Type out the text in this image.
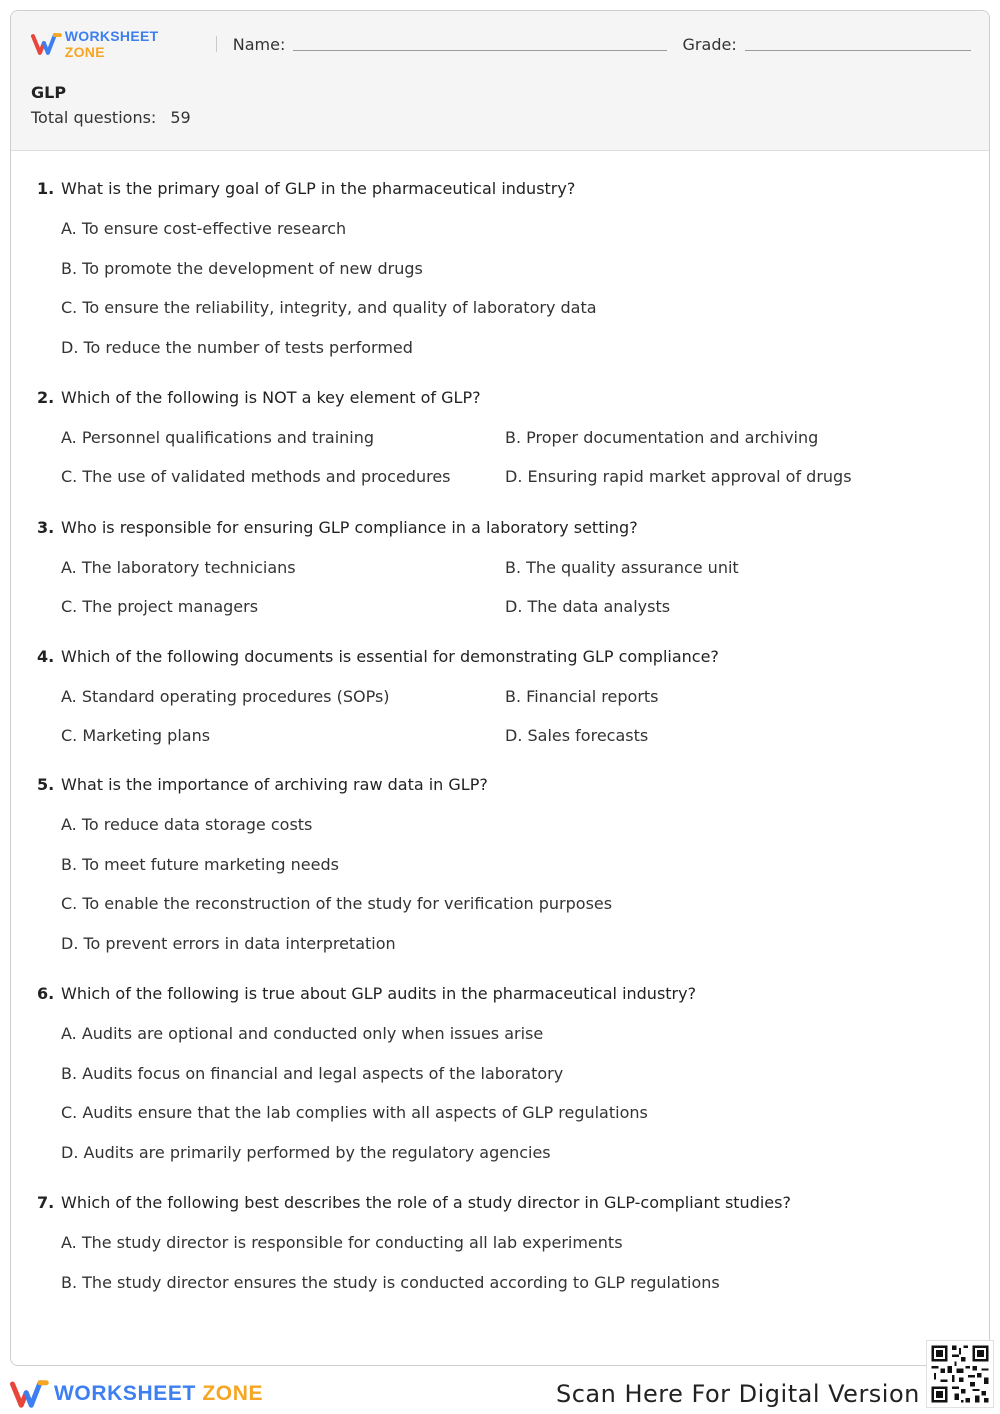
WORKSHEET ZONE	Name:	Grade:
GLP
Total questions: 59
1. What is the primary goal of GLP in the pharmaceutical industry?
A. To ensure cost-effective research
B. To promote the development of new drugs
C. To ensure the reliability, integrity, and quality of laboratory data
D. To reduce the number of tests performed
2. Which of the following is NOT a key element of GLP?
A. Personnel qualifications and training	B. Proper documentation and archiving
C. The use of validated methods and procedures	D. Ensuring rapid market approval of drugs
3. Who is responsible for ensuring GLP compliance in a laboratory setting?
A. The laboratory technicians	B. The quality assurance unit
C. The project managers	D. The data analysts
4. Which of the following documents is essential for demonstrating GLP compliance?
A. Standard operating procedures (SOPs)	B. Financial reports
C. Marketing plans	D. Sales forecasts
5. What is the importance of archiving raw data in GLP?
A. To reduce data storage costs
B. To meet future marketing needs
C. To enable the reconstruction of the study for verification purposes
D. To prevent errors in data interpretation
6. Which of the following is true about GLP audits in the pharmaceutical industry?
A. Audits are optional and conducted only when issues arise
B. Audits focus on financial and legal aspects of the laboratory
C. Audits ensure that the lab complies with all aspects of GLP regulations
D. Audits are primarily performed by the regulatory agencies
7. Which of the following best describes the role of a study director in GLP-compliant studies?
A. The study director is responsible for conducting all lab experiments
B. The study director ensures the study is conducted according to GLP regulations
WORKSHEET ZONE	Scan Here For Digital Version
